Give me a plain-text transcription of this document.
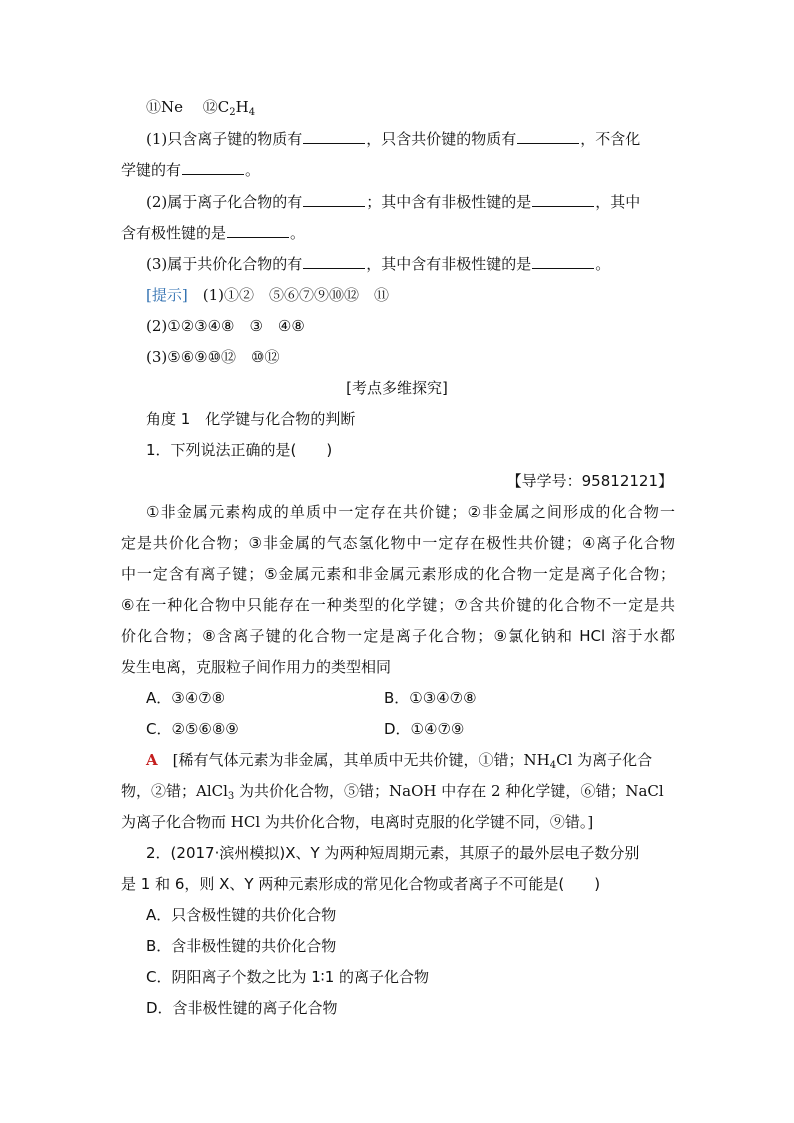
⑪Ne　 $⑫C_2H_4$
(1)只含离子键的物质有	，只含共价键的物质有	，不含化
学键的有	。
(2)属于离子化合物的有	；其中含有非极性键的是	，其中
含有极性键的是	。
(3)属于共价化合物的有	，其中含有非极性键的是	。
[提示]　 (1)①②　⑤⑥⑦⑨⑩⑫　⑪
(2)①②③④⑧　③　④⑧
(3)⑤⑥⑨⑩⑫　⑩⑫
[考点多维探究]
角度 1　化学键与化合物的判断
1．下列说法正确的是(　　)
【导学号：95812121】
①非金属元素构成的单质中一定存在共价键；②非金属之间形成的化合物一
定是共价化合物；③非金属的气态氢化物中一定存在极性共价键；④离子化合物
中一定含有离子键；⑤金属元素和非金属元素形成的化合物一定是离子化合物；
⑥在一种化合物中只能存在一种类型的化学键；⑦含共价键的化合物不一定是共
价化合物；⑧含离子键的化合物一定是离子化合物；⑨氯化钠和 HCl 溶于水都
发生电离，克服粒子间作用力的类型相同
A．③④⑦⑧	B．①③④⑦⑧
C．②⑤⑥⑧⑨	D．①④⑦⑨
A　 [稀有气体元素为非金属，其单质中无共价键，①错；$NH_4Cl$ 为离子化合
物，②错；AlCl$_3$ 为共价化合物，⑤错；NaOH 中存在 2 种化学键，⑥错；NaCl
为离子化合物而 HCl 为共价化合物，电离时克服的化学键不同，⑨错。]
2．(2017·滨州模拟)X、Y 为两种短周期元素，其原子的最外层电子数分别
是 1 和 6，则 X、Y 两种元素形成的常见化合物或者离子不可能是(　　)
A．只含极性键的共价化合物
B．含非极性键的共价化合物
C．阴阳离子个数之比为 1∶1 的离子化合物
D．含非极性键的离子化合物
